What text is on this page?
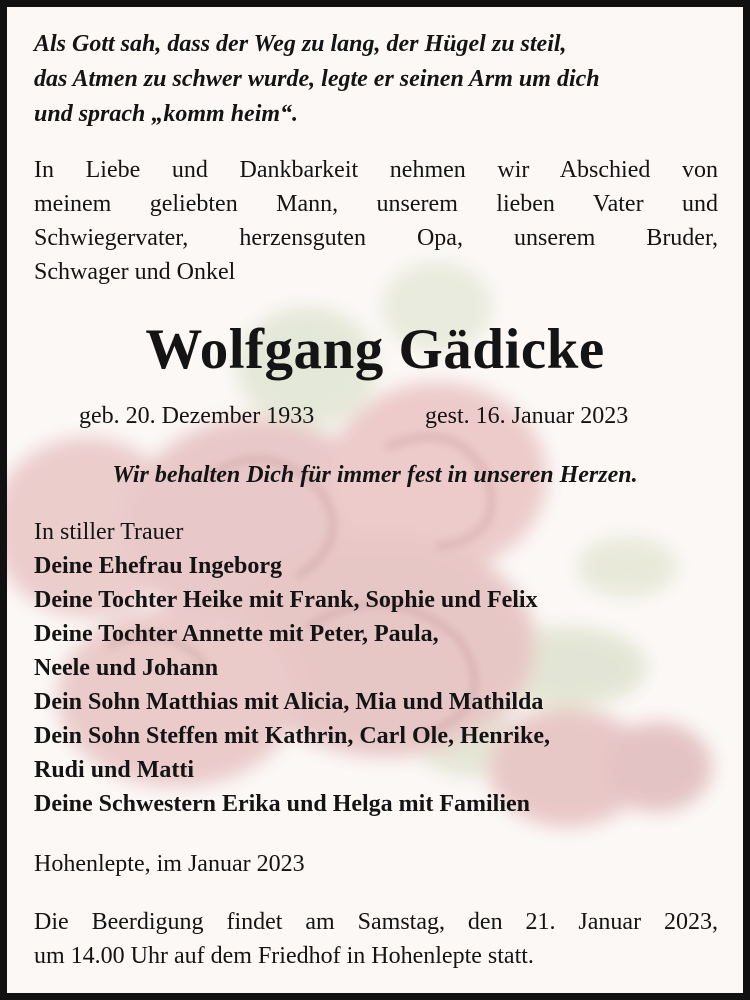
Als Gott sah, dass der Weg zu lang, der Hügel zu steil,
das Atmen zu schwer wurde, legte er seinen Arm um dich
und sprach „komm heim“.

In Liebe und Dankbarkeit nehmen wir Abschied von
meinem geliebten Mann, unserem lieben Vater und
Schwiegervater, herzensguten Opa, unserem Bruder,
Schwager und Onkel

Wolfgang Gädicke
geb. 20. Dezember 1933	gest. 16. Januar 2023

Wir behalten Dich für immer fest in unseren Herzen.

In stiller Trauer
Deine Ehefrau Ingeborg
Deine Tochter Heike mit Frank, Sophie und Felix
Deine Tochter Annette mit Peter, Paula,
Neele und Johann
Dein Sohn Matthias mit Alicia, Mia und Mathilda
Dein Sohn Steffen mit Kathrin, Carl Ole, Henrike,
Rudi und Matti
Deine Schwestern Erika und Helga mit Familien

Hohenlepte, im Januar 2023

Die Beerdigung findet am Samstag, den 21. Januar 2023,
um 14.00 Uhr auf dem Friedhof in Hohenlepte statt.
